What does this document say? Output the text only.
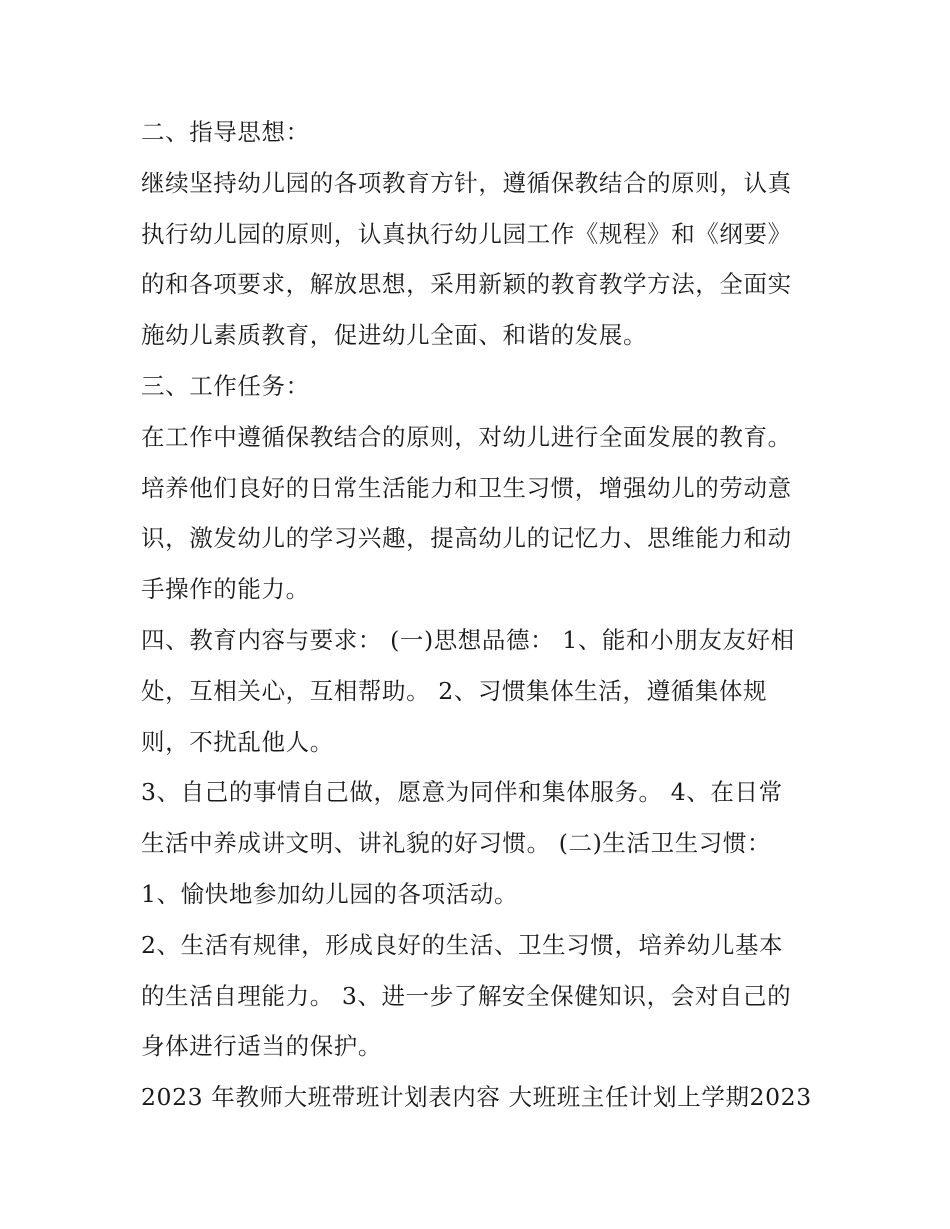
二、指导思想：
继续坚持幼儿园的各项教育方针，遵循保教结合的原则，认真
执行幼儿园的原则，认真执行幼儿园工作《规程》和《纲要》
的和各项要求，解放思想，采用新颖的教育教学方法，全面实
施幼儿素质教育，促进幼儿全面、和谐的发展。
三、工作任务：
在工作中遵循保教结合的原则，对幼儿进行全面发展的教育。
培养他们良好的日常生活能力和卫生习惯，增强幼儿的劳动意
识，激发幼儿的学习兴趣，提高幼儿的记忆力、思维能力和动
手操作的能力。
四、教育内容与要求： (一)思想品德： 1、能和小朋友友好相
处，互相关心，互相帮助。 2、习惯集体生活，遵循集体规
则，不扰乱他人。
3、自己的事情自己做，愿意为同伴和集体服务。 4、在日常
生活中养成讲文明、讲礼貌的好习惯。 (二)生活卫生习惯：
1、愉快地参加幼儿园的各项活动。
2、生活有规律，形成良好的生活、卫生习惯，培养幼儿基本
的生活自理能力。 3、进一步了解安全保健知识，会对自己的
身体进行适当的保护。
2023 年教师大班带班计划表内容 大班班主任计划上学期2023
